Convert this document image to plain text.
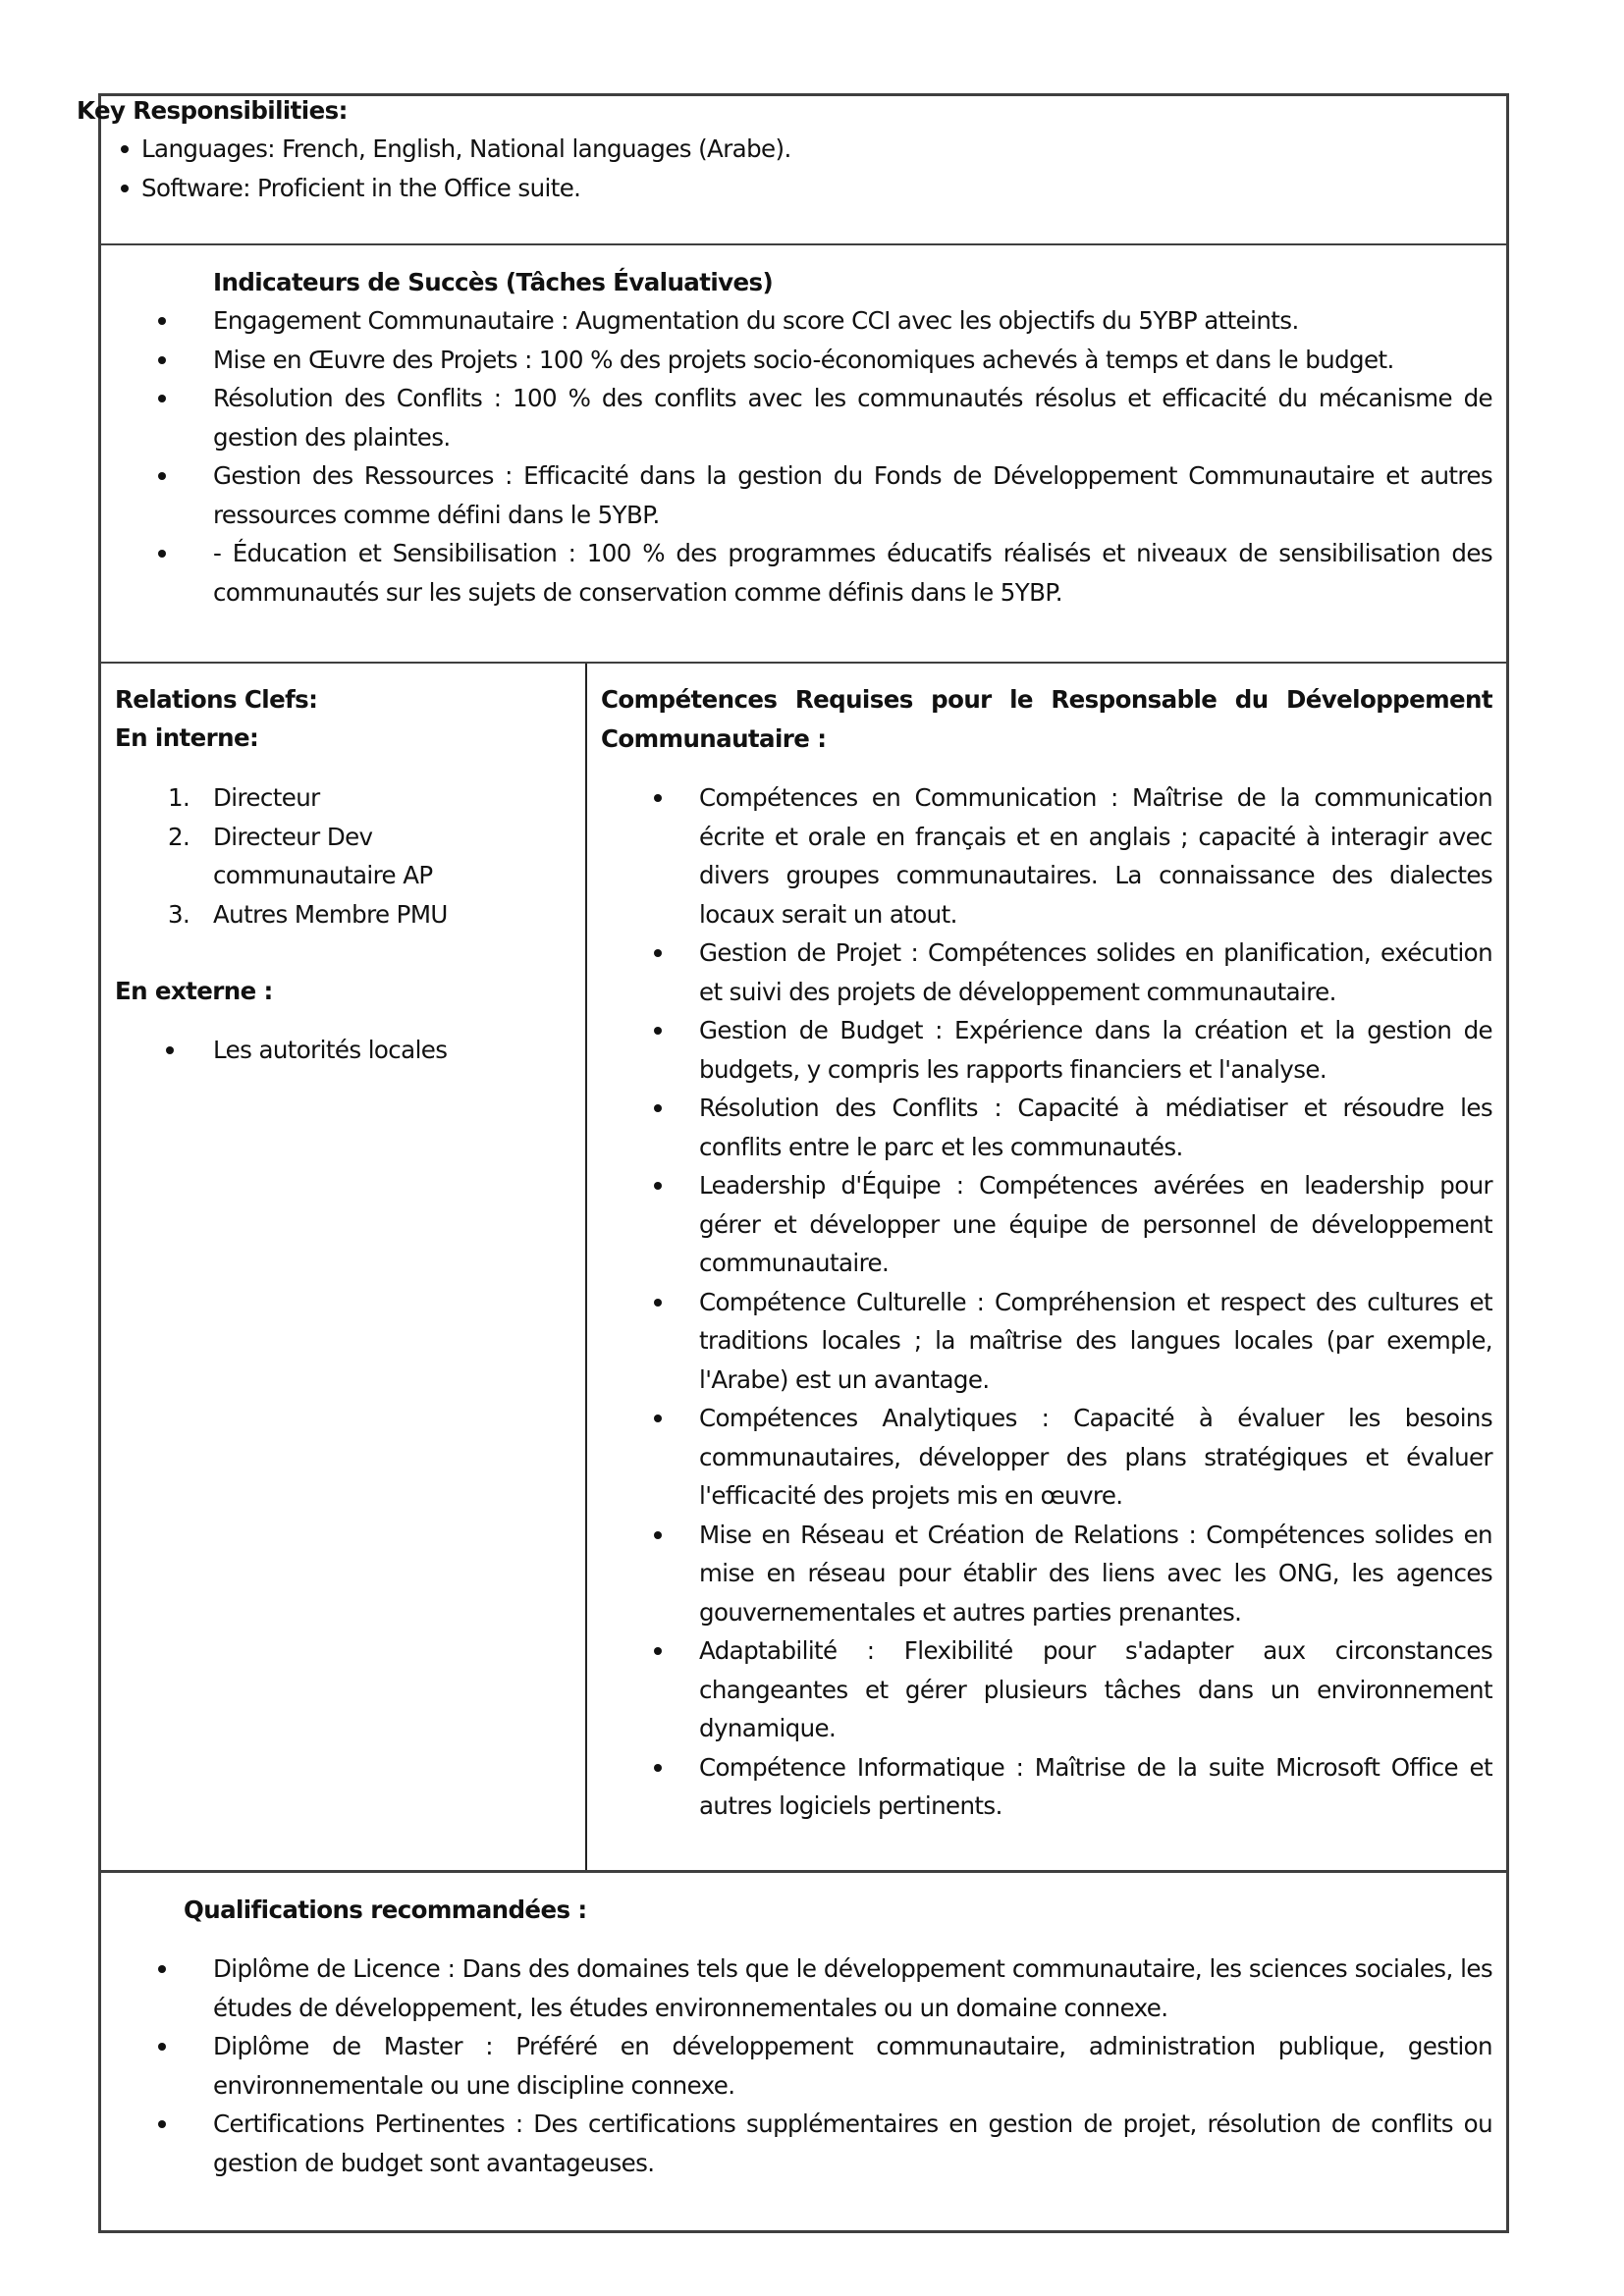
Key Responsibilities:
Languages: French, English, National languages (Arabe).
Software: Proficient in the Office suite.
Indicateurs de Succès (Tâches Évaluatives)
Engagement Communautaire : Augmentation du score CCI avec les objectifs du 5YBP atteints.
Mise en Œuvre des Projets : 100 % des projets socio-économiques achevés à temps et dans le budget.
Résolution des Conflits : 100 % des conflits avec les communautés résolus et efficacité du mécanisme de gestion des plaintes.
Gestion des Ressources : Efficacité dans la gestion du Fonds de Développement Communautaire et autres ressources comme défini dans le 5YBP.
- Éducation et Sensibilisation : 100 % des programmes éducatifs réalisés et niveaux de sensibilisation des communautés sur les sujets de conservation comme définis dans le 5YBP.
Relations Clefs:
En interne:
1. Directeur
2. Directeur Dev communautaire AP
3. Autres Membre PMU
En externe :
Les autorités locales
Compétences Requises pour le Responsable du Développement Communautaire :
Compétences en Communication : Maîtrise de la communication écrite et orale en français et en anglais ; capacité à interagir avec divers groupes communautaires. La connaissance des dialectes locaux serait un atout.
Gestion de Projet : Compétences solides en planification, exécution et suivi des projets de développement communautaire.
Gestion de Budget : Expérience dans la création et la gestion de budgets, y compris les rapports financiers et l'analyse.
Résolution des Conflits : Capacité à médiatiser et résoudre les conflits entre le parc et les communautés.
Leadership d'Équipe : Compétences avérées en leadership pour gérer et développer une équipe de personnel de développement communautaire.
Compétence Culturelle : Compréhension et respect des cultures et traditions locales ; la maîtrise des langues locales (par exemple, l'Arabe) est un avantage.
Compétences Analytiques : Capacité à évaluer les besoins communautaires, développer des plans stratégiques et évaluer l'efficacité des projets mis en œuvre.
Mise en Réseau et Création de Relations : Compétences solides en mise en réseau pour établir des liens avec les ONG, les agences gouvernementales et autres parties prenantes.
Adaptabilité : Flexibilité pour s'adapter aux circonstances changeantes et gérer plusieurs tâches dans un environnement dynamique.
Compétence Informatique : Maîtrise de la suite Microsoft Office et autres logiciels pertinents.
Qualifications recommandées :
Diplôme de Licence : Dans des domaines tels que le développement communautaire, les sciences sociales, les études de développement, les études environnementales ou un domaine connexe.
Diplôme de Master : Préféré en développement communautaire, administration publique, gestion environnementale ou une discipline connexe.
Certifications Pertinentes : Des certifications supplémentaires en gestion de projet, résolution de conflits ou gestion de budget sont avantageuses.
